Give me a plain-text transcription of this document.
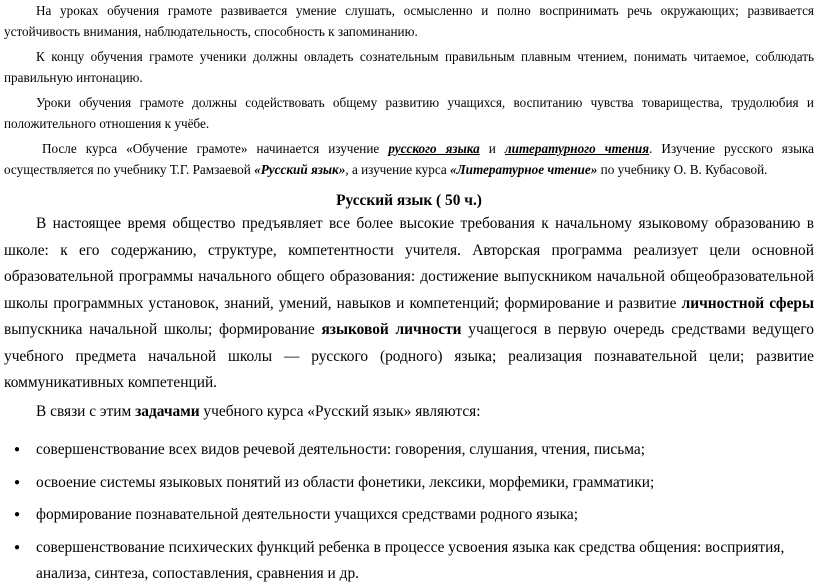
На уроках обучения грамоте развивается умение слушать, осмысленно и полно воспринимать речь окружающих; развивается устойчивость внимания, наблюдательность, способность к запоминанию.

К концу обучения грамоте ученики должны овладеть сознательным правильным плавным чтением, понимать читаемое, соблюдать правильную интонацию.

Уроки обучения грамоте должны содействовать общему развитию учащихся, воспитанию чувства товарищества, трудолюбия и положительного отношения к учёбе.

После курса «Обучение грамоте» начинается изучение русского языка и литературного чтения. Изучение русского языка осуществляется по учебнику Т.Г. Рамзаевой «Русский язык», а изучение курса «Литературное чтение» по учебнику О. В. Кубасовой.

Русский язык ( 50 ч.)

В настоящее время общество предъявляет все более высокие требования к начальному языковому образованию в школе: к его содержанию, структуре, компетентности учителя. Авторская программа реализует цели основной образовательной программы начального общего образования: достижение выпускником начальной общеобразовательной школы программных установок, знаний, умений, навыков и компетенций; формирование и развитие личностной сферы выпускника начальной школы; формирование языковой личности учащегося в первую очередь средствами ведущего учебного предмета начальной школы — русского (родного) языка; реализация познавательной цели; развитие коммуникативных компетенций.

В связи с этим задачами учебного курса «Русский язык» являются:

● совершенствование всех видов речевой деятельности: говорения, слушания, чтения, письма;
● освоение системы языковых понятий из области фонетики, лексики, морфемики, грамматики;
● формирование познавательной деятельности учащихся средствами родного языка;
● совершенствование психических функций ребенка в процессе усвоения языка как средства общения: восприятия, анализа, синтеза, сопоставления, сравнения и др.
